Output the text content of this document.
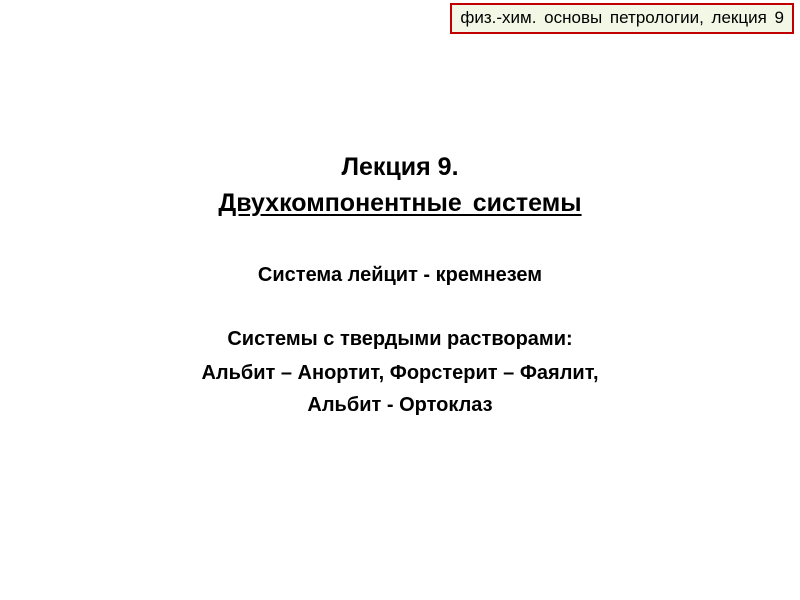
физ.-хим. основы петрологии, лекция 9
Лекция 9.
Двухкомпонентные системы
Система лейцит - кремнезем
Системы с твердыми растворами:
Альбит – Анортит, Форстерит – Фаялит,
Альбит - Ортоклаз
